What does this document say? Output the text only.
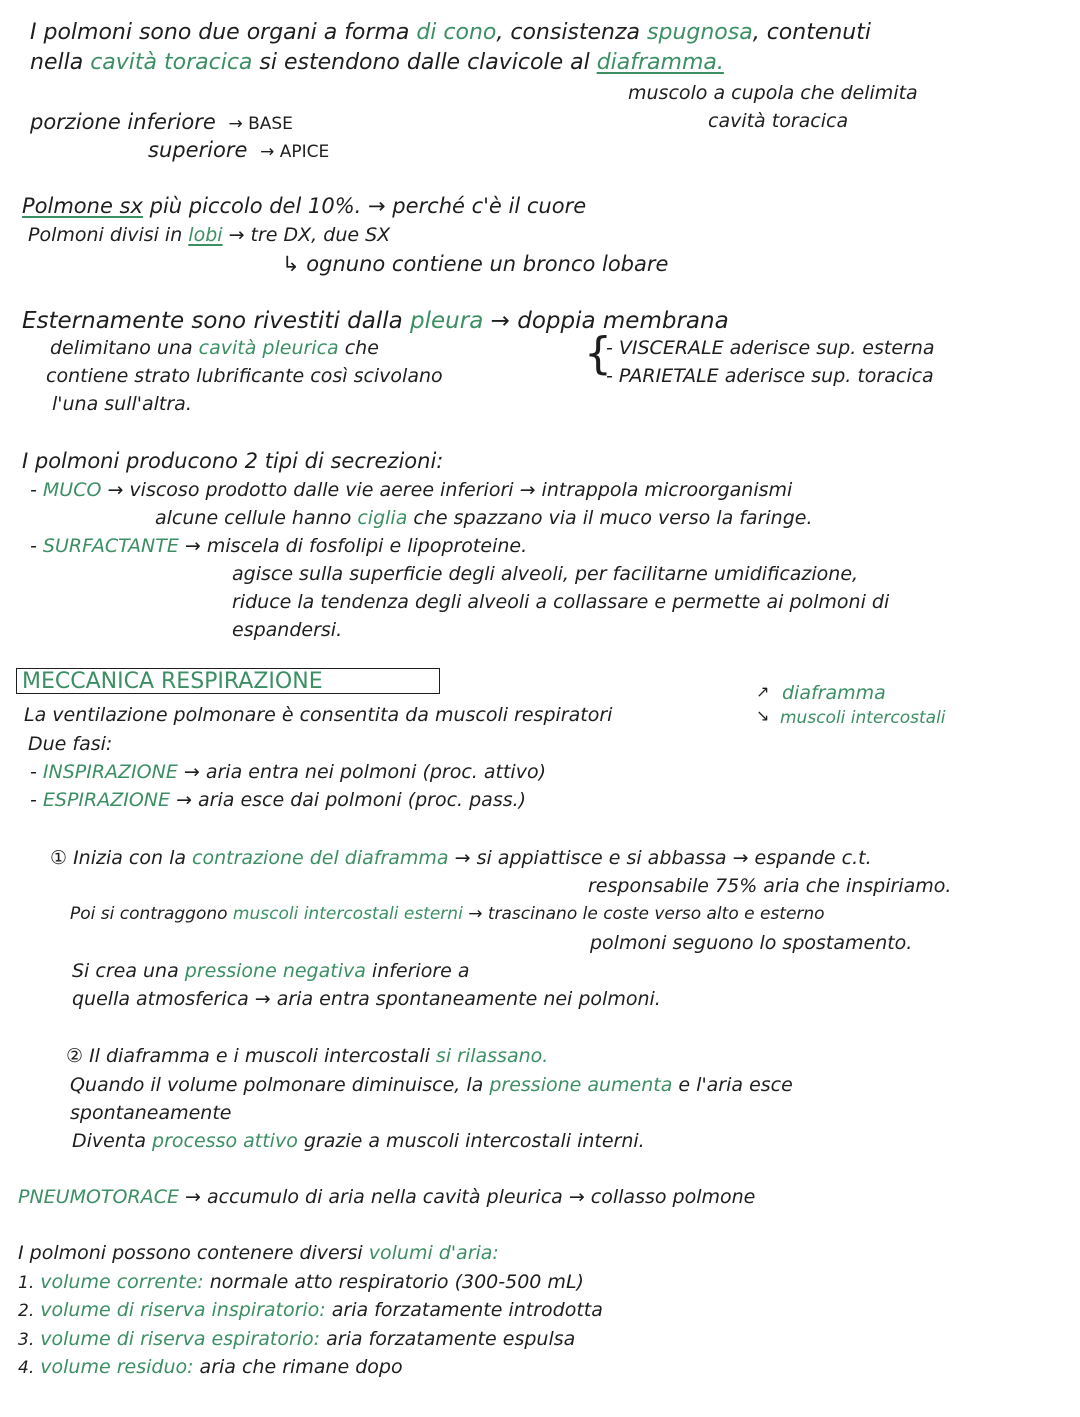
I polmoni sono due organi a forma di cono, consistenza spugnosa, contenuti
nella cavità toracica si estendono dalle clavicole al diaframma.
muscolo a cupola che delimita
cavità toracica
porzione inferiore → BASE
superiore → APICE
Polmone sx più piccolo del 10%. → perché c'è il cuore
Polmoni divisi in lobi → tre DX, due SX
↳ ognuno contiene un bronco lobare
Esternamente sono rivestiti dalla pleura → doppia membrana
delimitano una cavità pleurica che
contiene strato lubrificante così scivolano
l'una sull'altra.
{
- VISCERALE aderisce sup. esterna
- PARIETALE aderisce sup. toracica
I polmoni producono 2 tipi di secrezioni:
- MUCO → viscoso prodotto dalle vie aeree inferiori → intrappola microorganismi
alcune cellule hanno ciglia che spazzano via il muco verso la faringe.
- SURFACTANTE → miscela di fosfolipi e lipoproteine.
agisce sulla superficie degli alveoli, per facilitarne umidificazione,
riduce la tendenza degli alveoli a collassare e permette ai polmoni di
espandersi.
MECCANICA RESPIRAZIONE
La ventilazione polmonare è consentita da muscoli respiratori
↗
↘
diaframma
muscoli intercostali
Due fasi:
- INSPIRAZIONE → aria entra nei polmoni (proc. attivo)
- ESPIRAZIONE → aria esce dai polmoni (proc. pass.)
① Inizia con la contrazione del diaframma → si appiattisce e si abbassa → espande c.t.
responsabile 75% aria che inspiriamo.
Poi si contraggono muscoli intercostali esterni → trascinano le coste verso alto e esterno
polmoni seguono lo spostamento.
Si crea una pressione negativa inferiore a
quella atmosferica → aria entra spontaneamente nei polmoni.
② Il diaframma e i muscoli intercostali si rilassano.
Quando il volume polmonare diminuisce, la pressione aumenta e l'aria esce
spontaneamente
Diventa processo attivo grazie a muscoli intercostali interni.
PNEUMOTORACE → accumulo di aria nella cavità pleurica → collasso polmone
I polmoni possono contenere diversi volumi d'aria:
1. volume corrente: normale atto respiratorio (300-500 mL)
2. volume di riserva inspiratorio: aria forzatamente introdotta
3. volume di riserva espiratorio: aria forzatamente espulsa
4. volume residuo: aria che rimane dopo
